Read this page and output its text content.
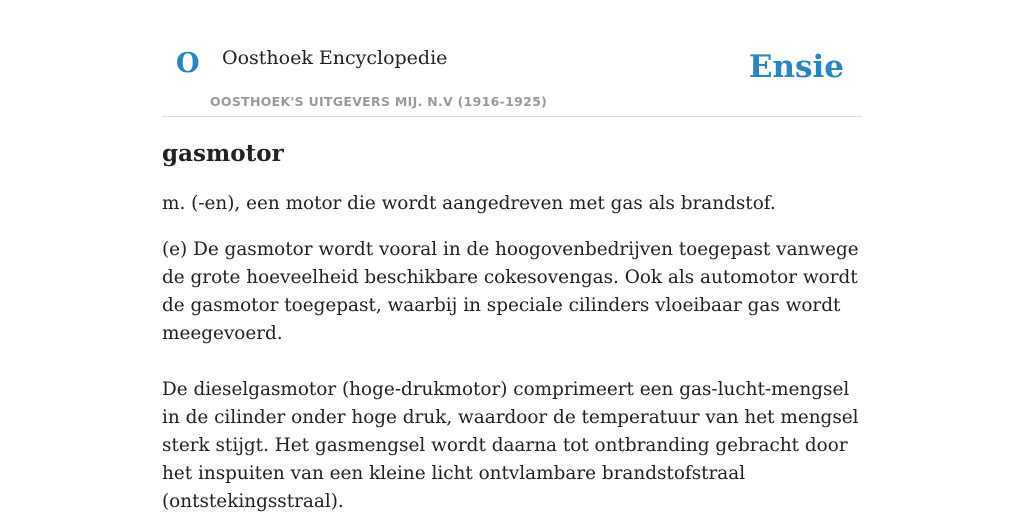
O Oosthoek Encyclopedie
OOSTHOEK'S UITGEVERS MIJ. N.V (1916-1925)
Ensie
gasmotor

m. (-en), een motor die wordt aangedreven met gas als brandstof.

(e) De gasmotor wordt vooral in de hoogovenbedrijven toegepast vanwege de grote hoeveelheid beschikbare cokesovengas. Ook als automotor wordt de gasmotor toegepast, waarbij in speciale cilinders vloeibaar gas wordt meegevoerd.

De dieselgasmotor (hoge-drukmotor) comprimeert een gas-lucht-mengsel in de cilinder onder hoge druk, waardoor de temperatuur van het mengsel sterk stijgt. Het gasmengsel wordt daarna tot ontbranding gebracht door het inspuiten van een kleine licht ontvlambare brandstofstraal (ontstekingsstraal).
